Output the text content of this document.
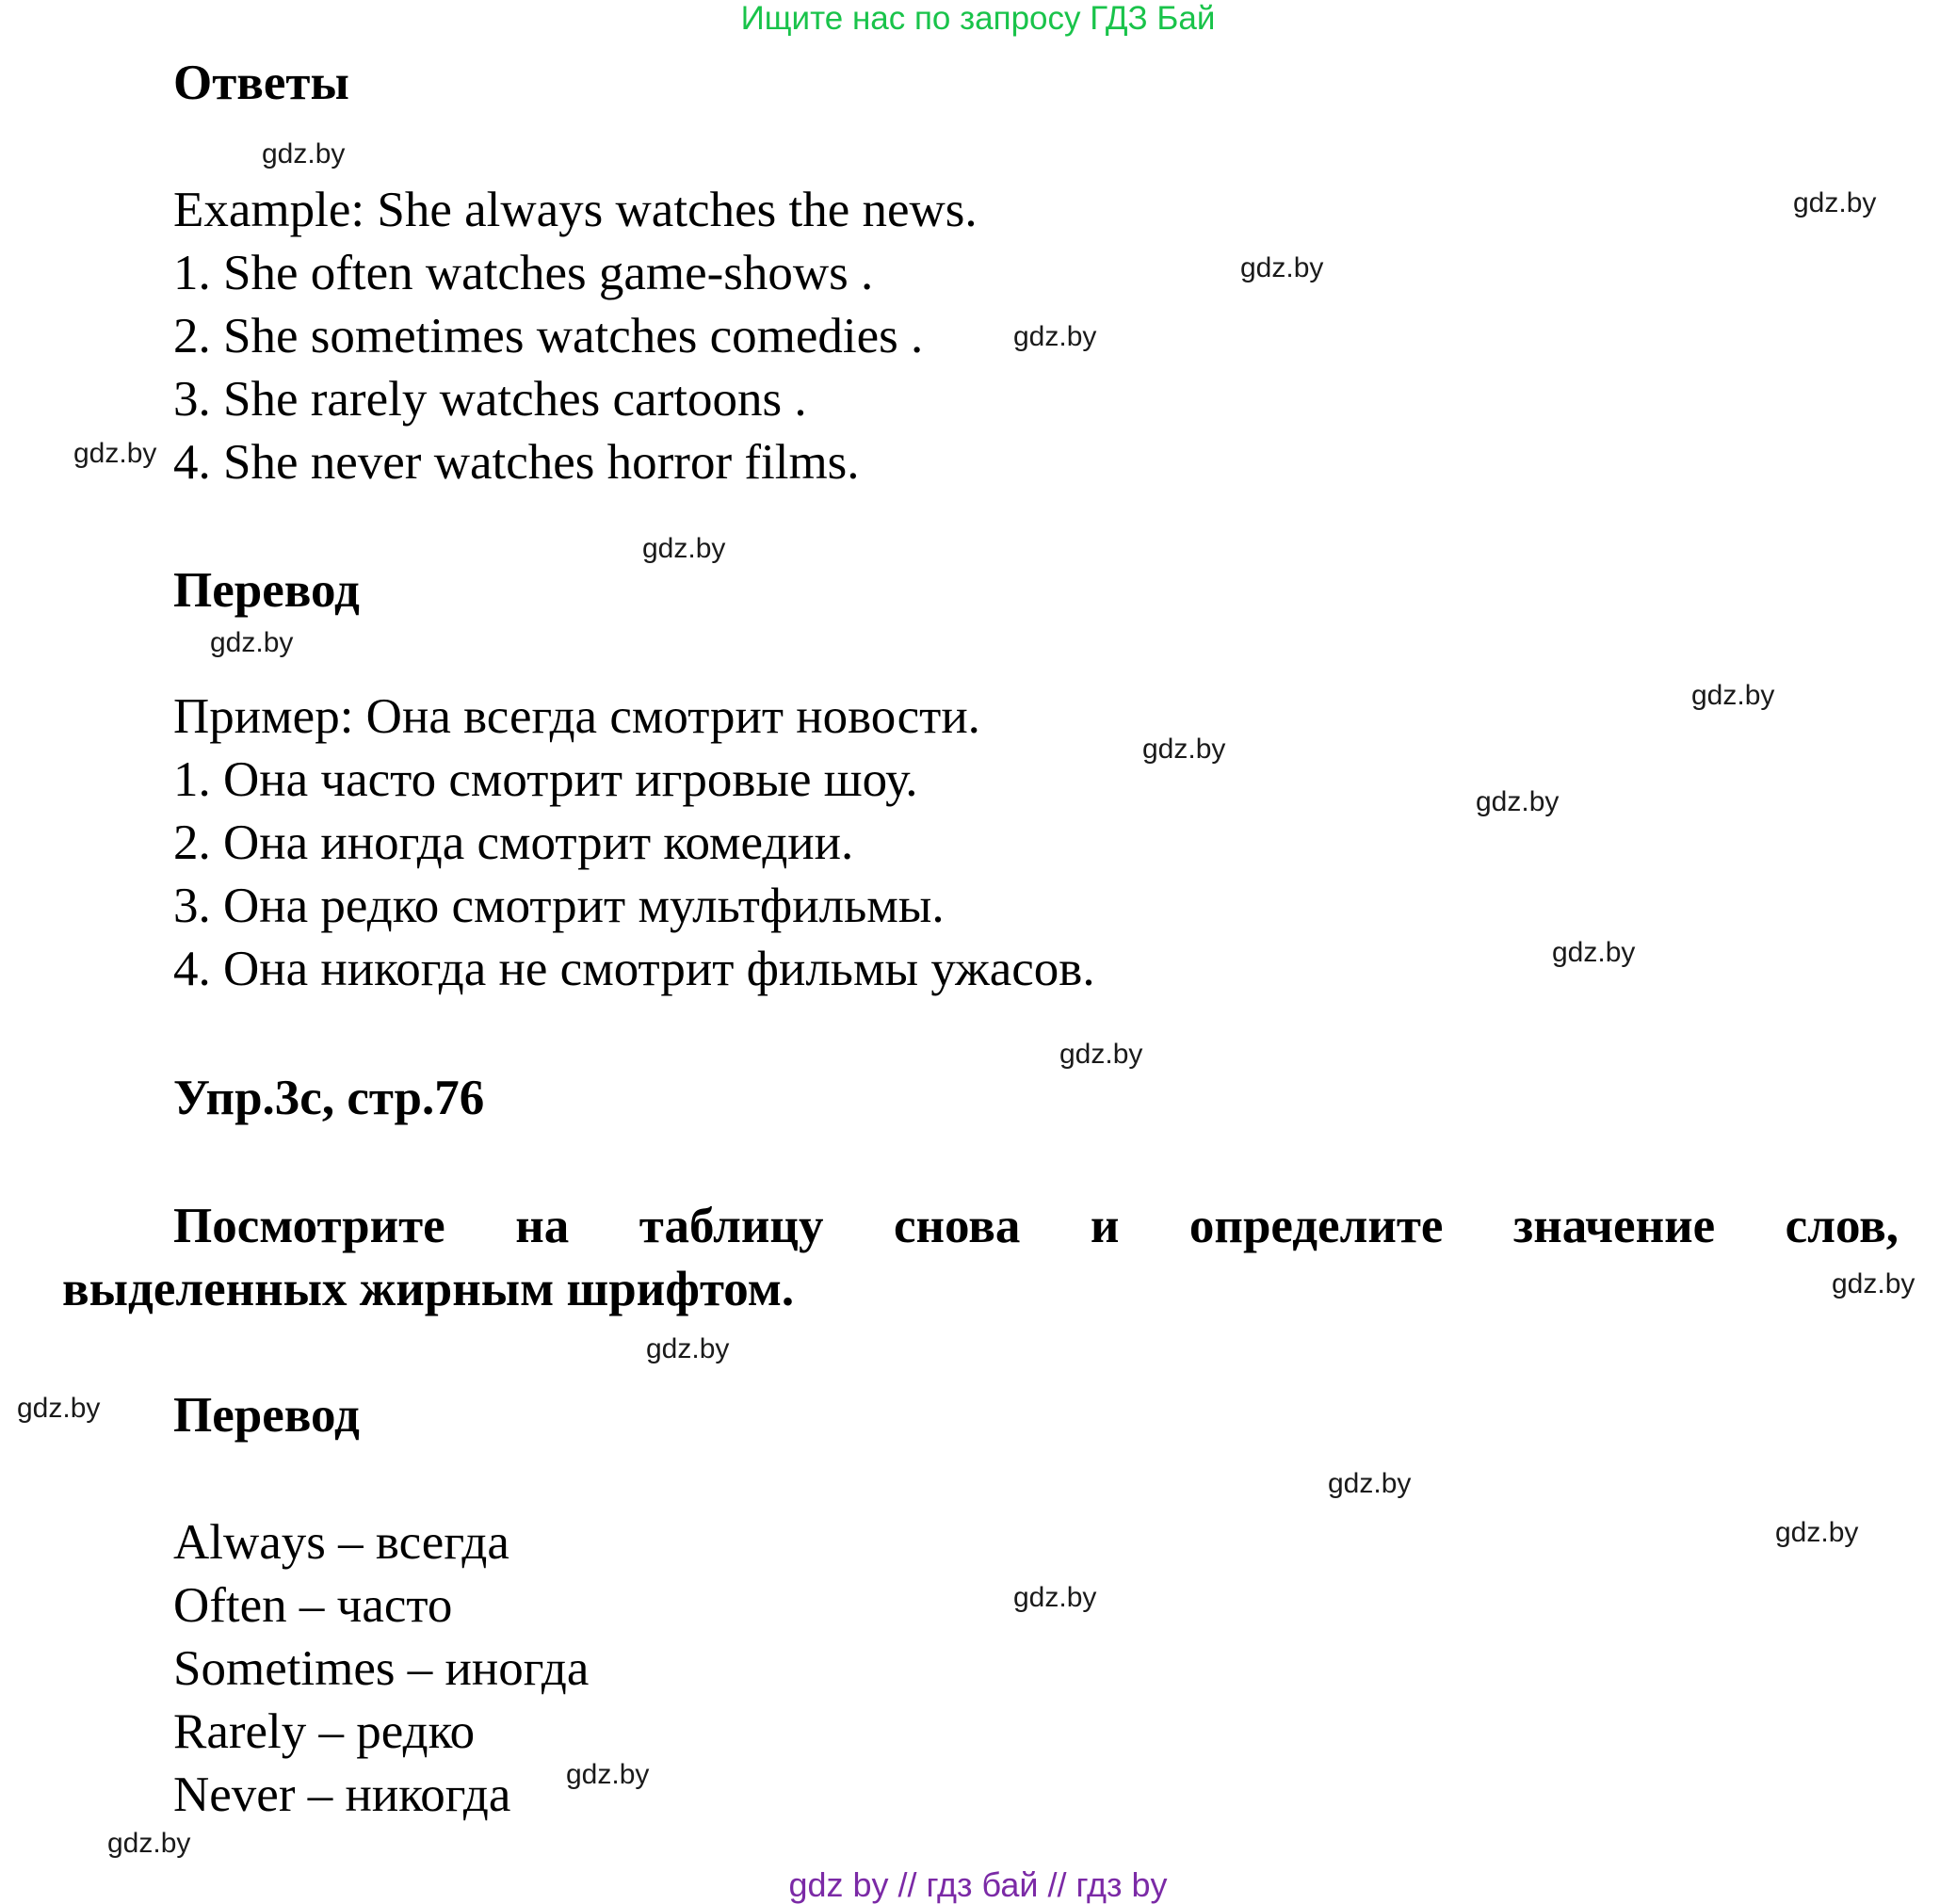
Ищите нас по запросу ГДЗ Бай
Ответы
Example: She always watches the news.
1. She often watches game-shows .
2. She sometimes watches comedies .
3. She rarely watches cartoons .
4. She never watches horror films.
Перевод
Пример: Она всегда смотрит новости.
1. Она часто смотрит игровые шоу.
2. Она иногда смотрит комедии.
3. Она редко смотрит мультфильмы.
4. Она никогда не смотрит фильмы ужасов.
Упр.3c, стр.76
Посмотрите на таблицу снова и определите значение слов,
выделенных жирным шрифтом.
Перевод
Always – всегда
Often – часто
Sometimes – иногда
Rarely – редко
Never – никогда
gdz.by
gdz.by
gdz.by
gdz.by
gdz.by
gdz.by
gdz.by
gdz.by
gdz.by
gdz.by
gdz.by
gdz.by
gdz.by
gdz.by
gdz.by
gdz.by
gdz.by
gdz.by
gdz.by
gdz.by
gdz by // гдз бай // гдз by
